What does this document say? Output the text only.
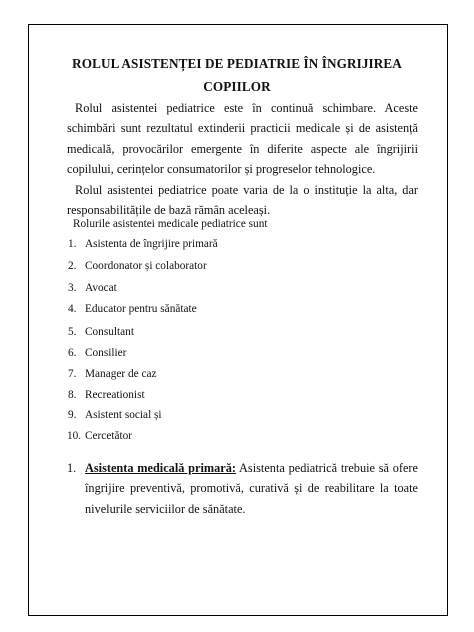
ROLUL ASISTENȚEI DE PEDIATRIE ÎN ÎNGRIJIREA
COPIILOR
Rolul asistentei pediatrice este în continuă schimbare. Aceste schimbări sunt rezultatul extinderii practicii medicale și de asistență medicală, provocărilor emergente în diferite aspecte ale îngrijirii copilului, cerințelor consumatorilor și progreselor tehnologice.
Rolul asistentei pediatrice poate varia de la o instituție la alta, dar responsabilitățile de bază rămân aceleași.
Rolurile asistentei medicale pediatrice sunt
1. Asistenta de îngrijire primară
2. Coordonator și colaborator
3. Avocat
4. Educator pentru sănătate
5. Consultant
6. Consilier
7. Manager de caz
8. Recreationist
9. Asistent social și
10. Cercetător
1. Asistenta medicală primară: Asistenta pediatrică trebuie să ofere îngrijire preventivă, promotivă, curativă și de reabilitare la toate nivelurile serviciilor de sănătate.
